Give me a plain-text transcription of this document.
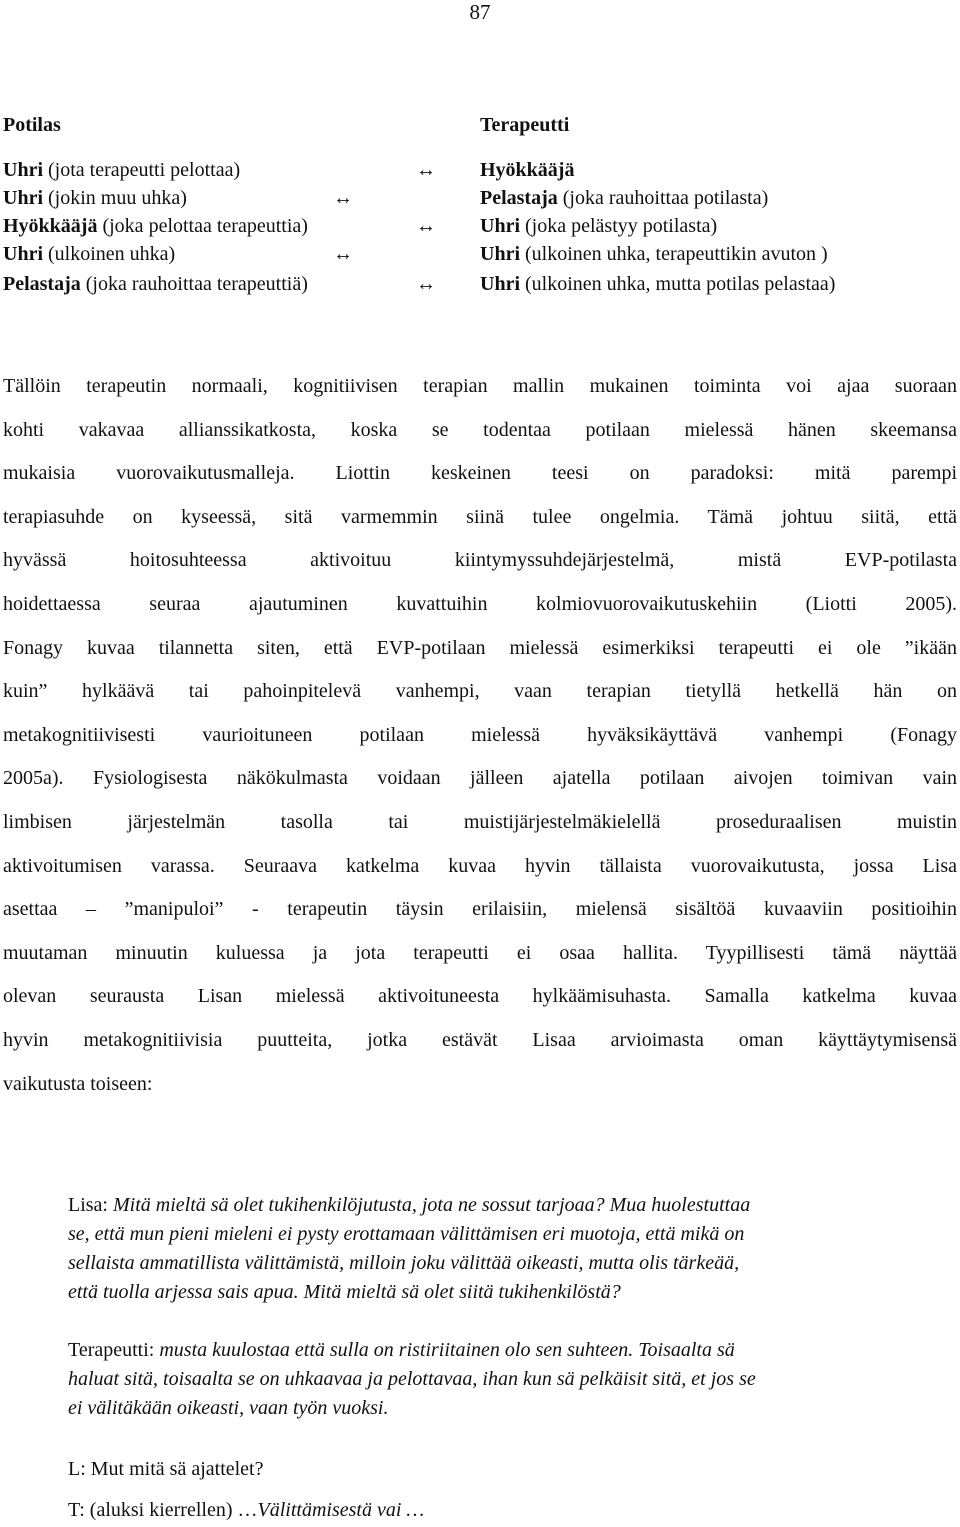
87
Potilas	Terapeutti
Uhri (jota terapeutti pelottaa)	↔ Hyökkääjä
Uhri (jokin muu uhka)	↔	Pelastaja (joka rauhoittaa potilasta)
Hyökkääjä (joka pelottaa terapeuttia)	↔ Uhri (joka pelästyy potilasta)
Uhri (ulkoinen uhka)	↔	Uhri (ulkoinen uhka, terapeuttikin avuton )
Pelastaja (joka rauhoittaa terapeuttiä)	↔ Uhri (ulkoinen uhka, mutta potilas pelastaa)
Tällöin terapeutin normaali, kognitiivisen terapian mallin mukainen toiminta voi ajaa suoraan
kohti vakavaa allianssikatkosta, koska se todentaa potilaan mielessä hänen skeemansa
mukaisia vuorovaikutusmalleja. Liottin keskeinen teesi on paradoksi: mitä parempi
terapiasuhde on kyseessä, sitä varmemmin siinä tulee ongelmia. Tämä johtuu siitä, että
hyvässä hoitosuhteessa aktivoituu kiintymyssuhdejärjestelmä, mistä EVP-potilasta
hoidettaessa seuraa ajautuminen kuvattuihin kolmiovuorovaikutuskehiin (Liotti 2005).
Fonagy kuvaa tilannetta siten, että EVP-potilaan mielessä esimerkiksi terapeutti ei ole ”ikään
kuin” hylkäävä tai pahoinpitelevä vanhempi, vaan terapian tietyllä hetkellä hän on
metakognitiivisesti vaurioituneen potilaan mielessä hyväksikäyttävä vanhempi (Fonagy
2005a). Fysiologisesta näkökulmasta voidaan jälleen ajatella potilaan aivojen toimivan vain
limbisen järjestelmän tasolla tai muistijärjestelmäkielellä proseduraalisen muistin
aktivoitumisen varassa. Seuraava katkelma kuvaa hyvin tällaista vuorovaikutusta, jossa Lisa
asettaa – ”manipuloi” - terapeutin täysin erilaisiin, mielensä sisältöä kuvaaviin positioihin
muutaman minuutin kuluessa ja jota terapeutti ei osaa hallita. Tyypillisesti tämä näyttää
olevan seurausta Lisan mielessä aktivoituneesta hylkäämisuhasta. Samalla katkelma kuvaa
hyvin metakognitiivisia puutteita, jotka estävät Lisaa arvioimasta oman käyttäytymisensä
vaikutusta toiseen:
Lisa: Mitä mieltä sä olet tukihenkilöjutusta, jota ne sossut tarjoaa? Mua huolestuttaa
se, että mun pieni mieleni ei pysty erottamaan välittämisen eri muotoja, että mikä on
sellaista ammatillista välittämistä, milloin joku välittää oikeasti, mutta olis tärkeää,
että tuolla arjessa sais apua. Mitä mieltä sä olet siitä tukihenkilöstä?
Terapeutti: musta kuulostaa että sulla on ristiriitainen olo sen suhteen. Toisaalta sä
haluat sitä, toisaalta se on uhkaavaa ja pelottavaa, ihan kun sä pelkäisit sitä, et jos se
ei välitäkään oikeasti, vaan työn vuoksi.
L: Mut mitä sä ajattelet?
T: (aluksi kierrellen) …Välittämisestä vai …
